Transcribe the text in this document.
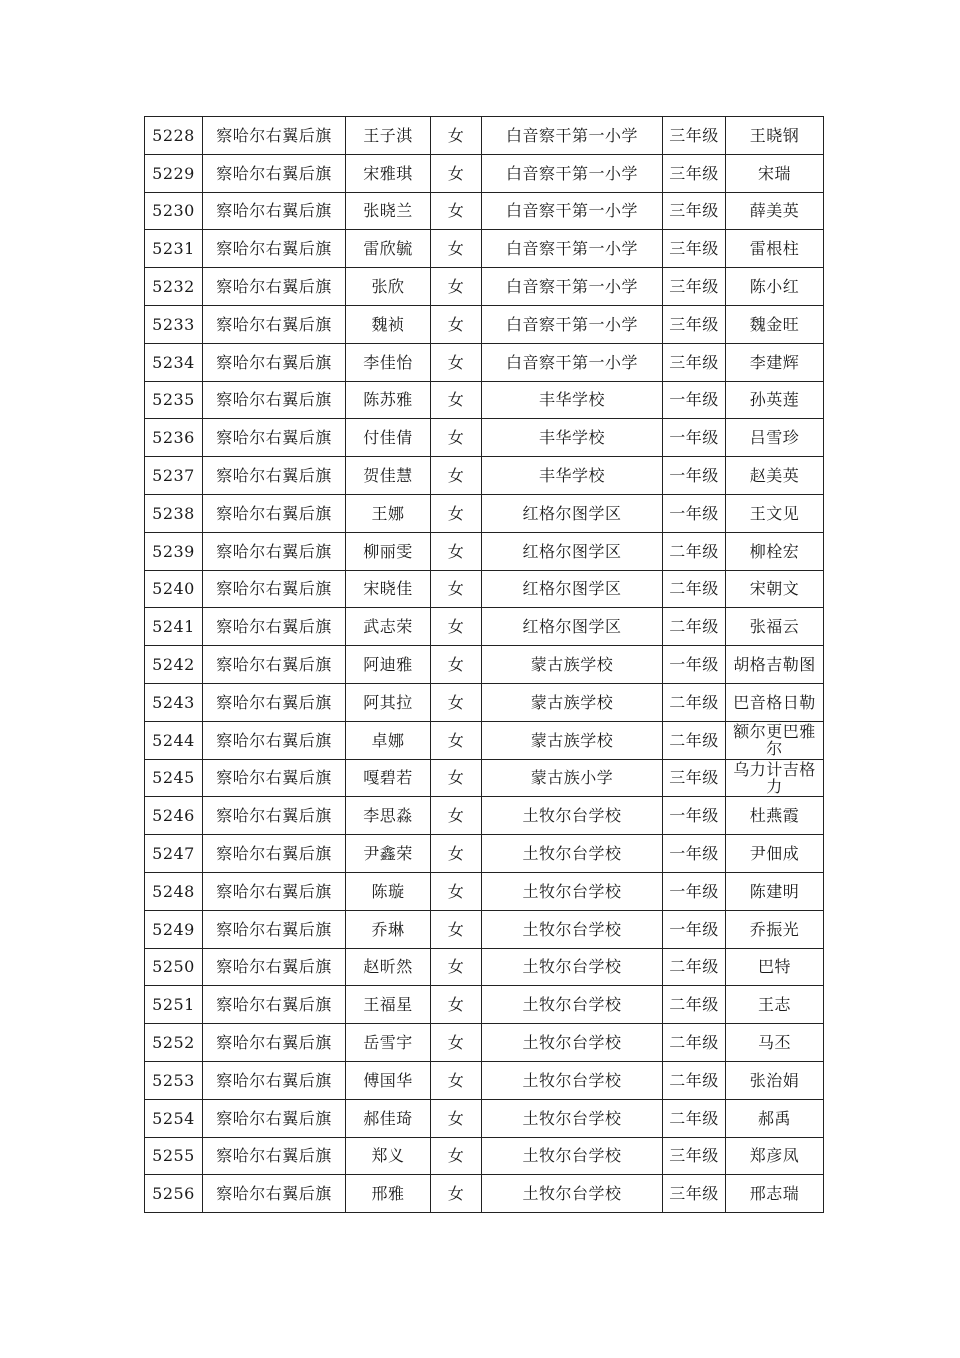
5228	察哈尔右翼后旗	王子淇	女	白音察干第一小学	三年级	王晓钢
5229	察哈尔右翼后旗	宋雅琪	女	白音察干第一小学	三年级	宋瑞
5230	察哈尔右翼后旗	张晓兰	女	白音察干第一小学	三年级	薛美英
5231	察哈尔右翼后旗	雷欣毓	女	白音察干第一小学	三年级	雷根柱
5232	察哈尔右翼后旗	张欣	女	白音察干第一小学	三年级	陈小红
5233	察哈尔右翼后旗	魏祯	女	白音察干第一小学	三年级	魏金旺
5234	察哈尔右翼后旗	李佳怡	女	白音察干第一小学	三年级	李建辉
5235	察哈尔右翼后旗	陈苏雅	女	丰华学校	一年级	孙英莲
5236	察哈尔右翼后旗	付佳倩	女	丰华学校	一年级	吕雪珍
5237	察哈尔右翼后旗	贺佳慧	女	丰华学校	一年级	赵美英
5238	察哈尔右翼后旗	王娜	女	红格尔图学区	一年级	王文见
5239	察哈尔右翼后旗	柳丽雯	女	红格尔图学区	二年级	柳栓宏
5240	察哈尔右翼后旗	宋晓佳	女	红格尔图学区	二年级	宋朝文
5241	察哈尔右翼后旗	武志荣	女	红格尔图学区	二年级	张福云
5242	察哈尔右翼后旗	阿迪雅	女	蒙古族学校	一年级	胡格吉勒图
5243	察哈尔右翼后旗	阿其拉	女	蒙古族学校	二年级	巴音格日勒
5244	察哈尔右翼后旗	卓娜	女	蒙古族学校	二年级	额尔更巴雅尔
5245	察哈尔右翼后旗	嘎碧若	女	蒙古族小学	三年级	乌力计吉格力
5246	察哈尔右翼后旗	李思淼	女	土牧尔台学校	一年级	杜燕霞
5247	察哈尔右翼后旗	尹鑫荣	女	土牧尔台学校	一年级	尹佃成
5248	察哈尔右翼后旗	陈璇	女	土牧尔台学校	一年级	陈建明
5249	察哈尔右翼后旗	乔琳	女	土牧尔台学校	一年级	乔振光
5250	察哈尔右翼后旗	赵昕然	女	土牧尔台学校	二年级	巴特
5251	察哈尔右翼后旗	王福星	女	土牧尔台学校	二年级	王志
5252	察哈尔右翼后旗	岳雪宇	女	土牧尔台学校	二年级	马丕
5253	察哈尔右翼后旗	傅国华	女	土牧尔台学校	二年级	张治娟
5254	察哈尔右翼后旗	郝佳琦	女	土牧尔台学校	二年级	郝禹
5255	察哈尔右翼后旗	郑义	女	土牧尔台学校	三年级	郑彦凤
5256	察哈尔右翼后旗	邢雅	女	土牧尔台学校	三年级	邢志瑞
